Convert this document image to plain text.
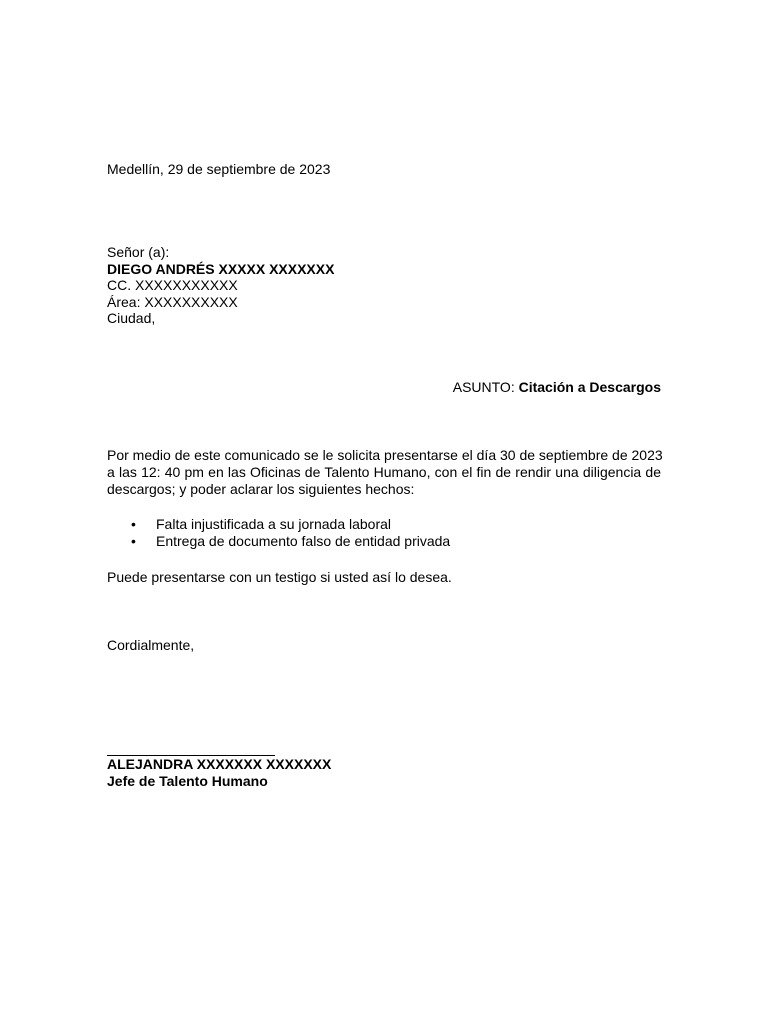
Medellín, 29 de septiembre de 2023
Señor (a):
DIEGO ANDRÉS XXXXX XXXXXXX
CC. XXXXXXXXXXX
Área: XXXXXXXXXX
Ciudad,
ASUNTO: Citación a Descargos
Por medio de este comunicado se le solicita presentarse el día 30 de septiembre de 2023
a las 12: 40 pm en las Oficinas de Talento Humano, con el fin de rendir una diligencia de
descargos; y poder aclarar los siguientes hechos:
• Falta injustificada a su jornada laboral
• Entrega de documento falso de entidad privada
Puede presentarse con un testigo si usted así lo desea.
Cordialmente,
ALEJANDRA XXXXXXX XXXXXXX
Jefe de Talento Humano
